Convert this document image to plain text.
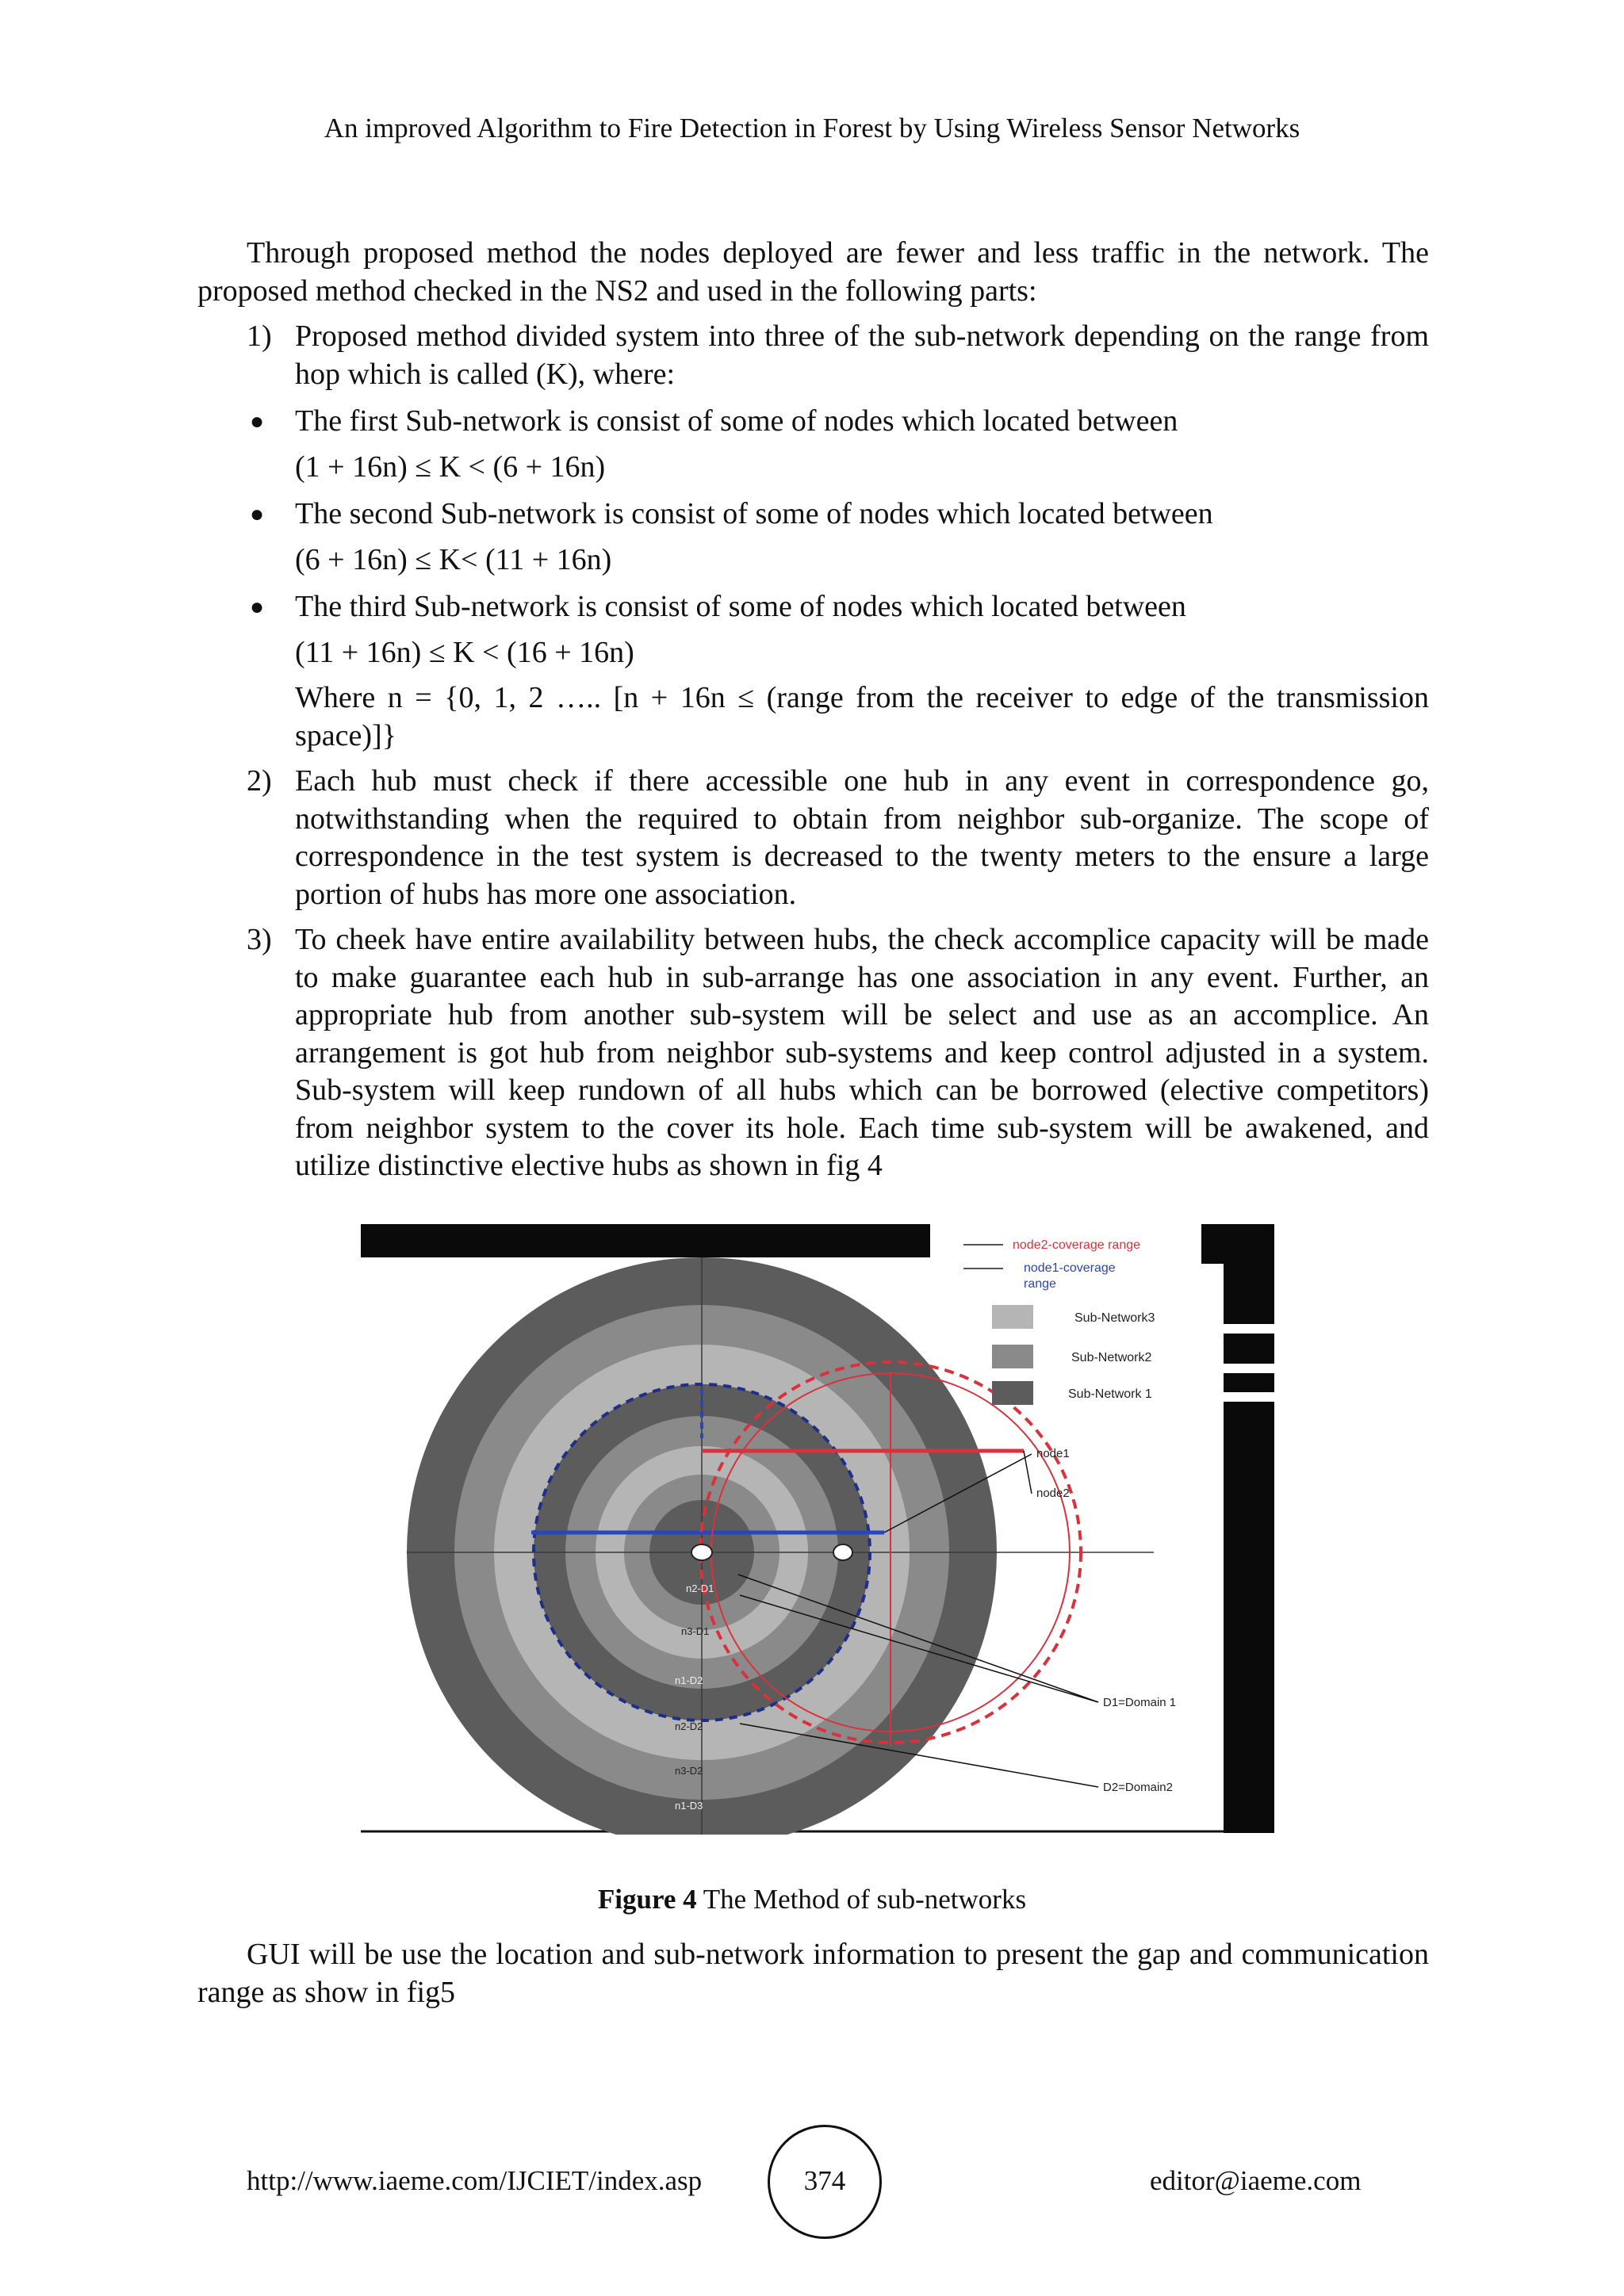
An improved Algorithm to Fire Detection in Forest by Using Wireless Sensor Networks

Through proposed method the nodes deployed are fewer and less traffic in the network. The proposed method checked in the NS2 and used in the following parts:

1) Proposed method divided system into three of the sub-network depending on the range from hop which is called (K), where:
● The first Sub-network is consist of some of nodes which located between
(1 + 16n) ≤ K < (6 + 16n)
● The second Sub-network is consist of some of nodes which located between
(6 + 16n) ≤ K< (11 + 16n)
● The third Sub-network is consist of some of nodes which located between
(11 + 16n) ≤ K < (16 + 16n)
Where n = {0, 1, 2 ….. [n + 16n ≤ (range from the receiver to edge of the transmission space)]}
2) Each hub must check if there accessible one hub in any event in correspondence go, notwithstanding when the required to obtain from neighbor sub-organize. The scope of correspondence in the test system is decreased to the twenty meters to the ensure a large portion of hubs has more one association.
3) To cheek have entire availability between hubs, the check accomplice capacity will be made to make guarantee each hub in sub-arrange has one association in any event. Further, an appropriate hub from another sub-system will be select and use as an accomplice. An arrangement is got hub from neighbor sub-systems and keep control adjusted in a system. Sub-system will keep rundown of all hubs which can be borrowed (elective competitors) from neighbor system to the cover its hole. Each time sub-system will be awakened, and utilize distinctive elective hubs as shown in fig 4
node1
node2
D1=Domain 1
D2=Domain2
n2-D1
n3-D1
n1-D2
n2-D2
n3-D2
n1-D3
node2-coverage range
node1-coverage
range
Sub-Network3
Sub-Network2
Sub-Network 1
Figure 4 The Method of sub-networks

GUI will be use the location and sub-network information to present the gap and communication range as show in fig5

http://www.iaeme.com/IJCIET/index.asp	374	editor@iaeme.com
